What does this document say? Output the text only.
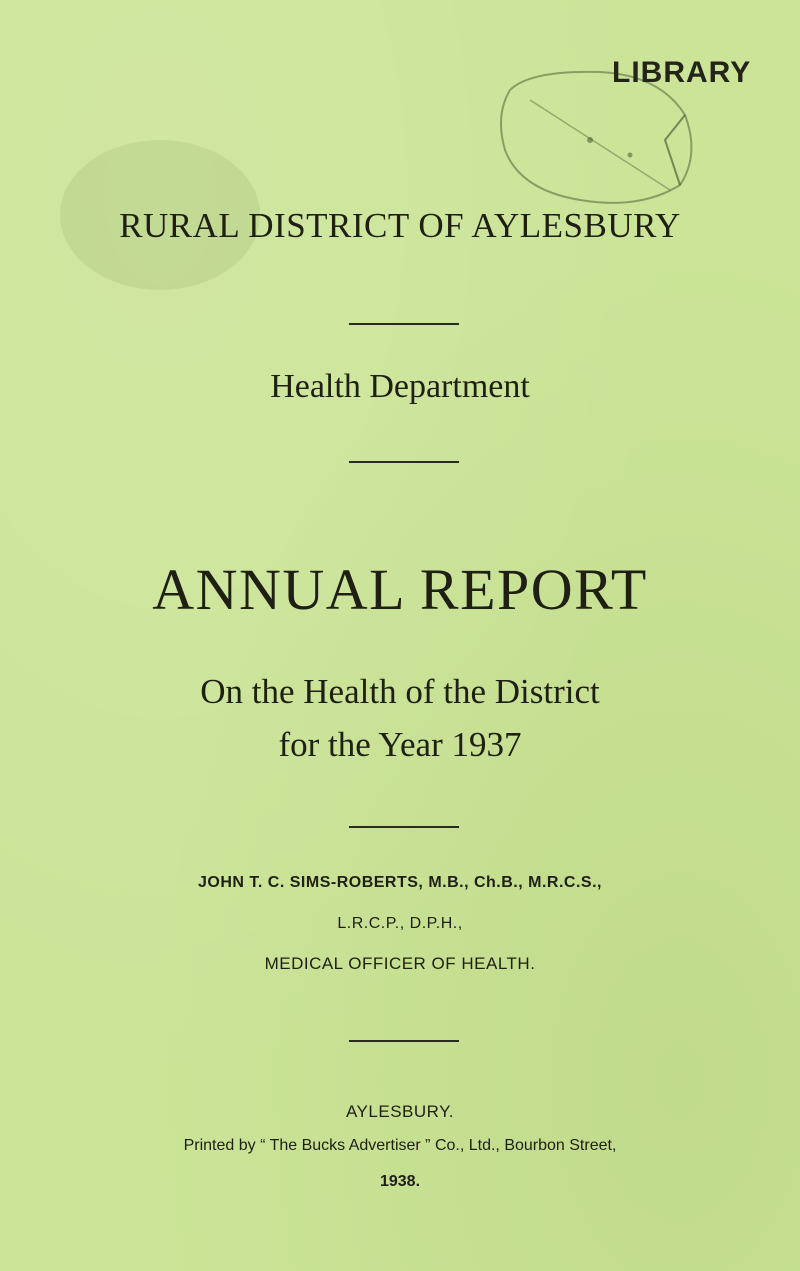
LIBRARY
RURAL DISTRICT OF AYLESBURY
Health Department
ANNUAL REPORT
On the Health of the District
for the Year 1937
JOHN T. C. SIMS-ROBERTS, M.B., Ch.B., M.R.C.S.,
L.R.C.P., D.P.H.,
MEDICAL OFFICER OF HEALTH.
AYLESBURY.
Printed by “ The Bucks Advertiser ” Co., Ltd., Bourbon Street,
1938.
